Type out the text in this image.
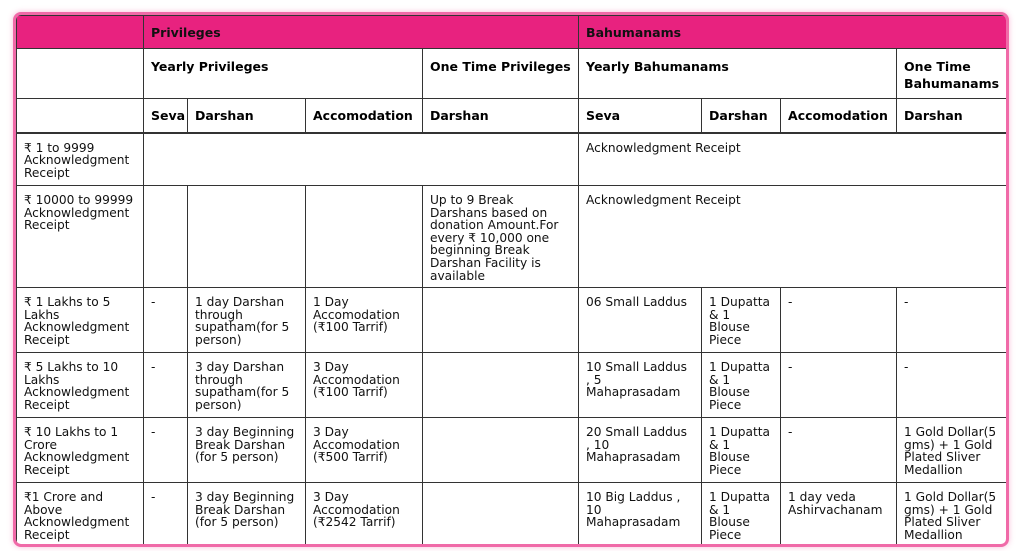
	Privileges				Bahumanams			
	Yearly Privileges			One Time Privileges	Yearly Bahumanams			One Time Bahumanams
	Seva	Darshan	Accomodation	Darshan	Seva	Darshan	Accomodation	Darshan
₹ 1 to 9999 Acknowledgment Receipt					Acknowledgment Receipt			
₹ 10000 to 99999 Acknowledgment Receipt				Up to 9 Break Darshans based on donation Amount.For every ₹ 10,000 one beginning Break Darshan Facility is available	Acknowledgment Receipt			
₹ 1 Lakhs to 5 Lakhs Acknowledgment Receipt	-	1 day Darshan through supatham(for 5 person)	1 Day Accomodation (₹100 Tarrif)		06 Small Laddus	1 Dupatta & 1 Blouse Piece	-	-
₹ 5 Lakhs to 10 Lakhs Acknowledgment Receipt	-	3 day Darshan through supatham(for 5 person)	3 Day Accomodation (₹100 Tarrif)		10 Small Laddus , 5 Mahaprasadam	1 Dupatta & 1 Blouse Piece	-	-
₹ 10 Lakhs to 1 Crore Acknowledgment Receipt	-	3 day Beginning Break Darshan (for 5 person)	3 Day Accomodation (₹500 Tarrif)		20 Small Laddus , 10 Mahaprasadam	1 Dupatta & 1 Blouse Piece	-	1 Gold Dollar(5 gms) + 1 Gold Plated Sliver Medallion
₹1 Crore and Above Acknowledgment Receipt	-	3 day Beginning Break Darshan (for 5 person)	3 Day Accomodation (₹2542 Tarrif)		10 Big Laddus , 10 Mahaprasadam	1 Dupatta & 1 Blouse Piece	1 day veda Ashirvachanam	1 Gold Dollar(5 gms) + 1 Gold Plated Sliver Medallion
